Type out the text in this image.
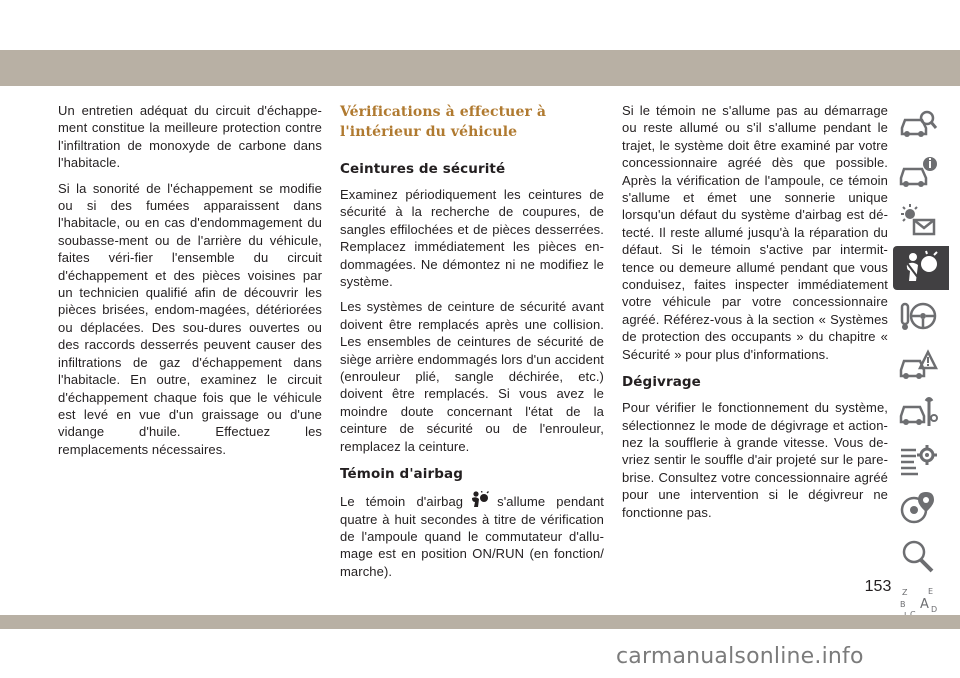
Un entretien adéquat du circuit d'échappe-ment constitue la meilleure protection contre l'infiltration de monoxyde de carbone dans l'habitacle.

Si la sonorité de l'échappement se modifie ou si des fumées apparaissent dans l'habitacle, ou en cas d'endommagement du soubasse-ment ou de l'arrière du véhicule, faites véri-fier l'ensemble du circuit d'échappement et des pièces voisines par un technicien qualifié afin de découvrir les pièces brisées, endom-magées, détériorées ou déplacées. Des sou-dures ouvertes ou des raccords desserrés peuvent causer des infiltrations de gaz d'échappement dans l'habitacle. En outre, examinez le circuit d'échappement chaque fois que le véhicule est levé en vue d'un graissage ou d'une vidange d'huile. Effectuez les remplacements nécessaires.

Vérifications à effectuer à l'intérieur du véhicule
Ceintures de sécurité

Examinez périodiquement les ceintures de sécurité à la recherche de coupures, de sangles effilochées et de pièces desserrées. Remplacez immédiatement les pièces en-dommagées. Ne démontez ni ne modifiez le système.

Les systèmes de ceinture de sécurité avant doivent être remplacés après une collision. Les ensembles de ceintures de sécurité de siège arrière endommagés lors d'un accident (enrouleur plié, sangle déchirée, etc.) doivent être remplacés. Si vous avez le moindre doute concernant l'état de la ceinture de sécurité ou de l'enrouleur, remplacez la ceinture.

Témoin d'airbag

Le témoin d'airbag	s'allume pendant quatre à huit secondes à titre de vérification de l'ampoule quand le commutateur d'allu-mage est en position ON/RUN (en fonction/ marche).

Si le témoin ne s'allume pas au démarrage ou reste allumé ou s'il s'allume pendant le trajet, le système doit être examiné par votre concessionnaire agréé dès que possible. Après la vérification de l'ampoule, ce témoin s'allume et émet une sonnerie unique lorsqu'un défaut du système d'airbag est dé-tecté. Il reste allumé jusqu'à la réparation du défaut. Si le témoin s'active par intermit-tence ou demeure allumé pendant que vous conduisez, faites inspecter immédiatement votre véhicule par votre concessionnaire agréé. Référez-vous à la section « Systèmes de protection des occupants » du chapitre « Sécurité » pour plus d'informations.

Dégivrage

Pour vérifier le fonctionnement du système, sélectionnez le mode de dégivrage et action-nez la soufflerie à grande vitesse. Vous de-vriez sentir le souffle d'air projeté sur le pare-brise. Consultez votre concessionnaire agréé pour une intervention si le dégivreur ne fonctionne pas.

Z	E
B A D
153
carmanualsonline.info
